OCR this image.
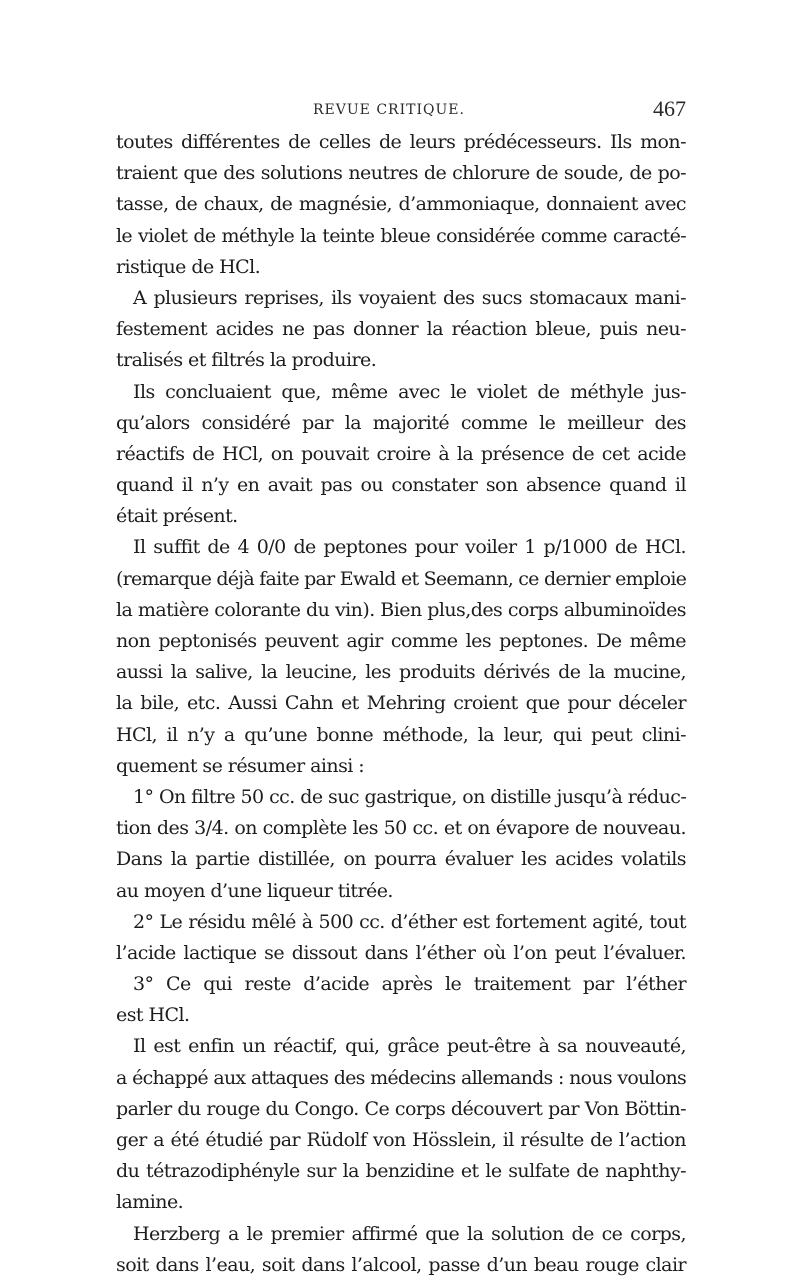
REVUE CRITIQUE.	467
toutes différentes de celles de leurs prédécesseurs. Ils mon-
traient que des solutions neutres de chlorure de soude, de po-
tasse, de chaux, de magnésie, d’ammoniaque, donnaient avec
le violet de méthyle la teinte bleue considérée comme caracté-
ristique de HCl.
A plusieurs reprises, ils voyaient des sucs stomacaux mani-
festement acides ne pas donner la réaction bleue, puis neu-
tralisés et filtrés la produire.
Ils concluaient que, même avec le violet de méthyle jus-
qu’alors considéré par la majorité comme le meilleur des
réactifs de HCl, on pouvait croire à la présence de cet acide
quand il n’y en avait pas ou constater son absence quand il
était présent.
Il suffit de 4 0/0 de peptones pour voiler 1 p/1000 de HCl.
(remarque déjà faite par Ewald et Seemann, ce dernier emploie
la matière colorante du vin). Bien plus,des corps albuminoïdes
non peptonisés peuvent agir comme les peptones. De même
aussi la salive, la leucine, les produits dérivés de la mucine,
la bile, etc. Aussi Cahn et Mehring croient que pour déceler
HCl, il n’y a qu’une bonne méthode, la leur, qui peut clini-
quement se résumer ainsi :
1° On filtre 50 cc. de suc gastrique, on distille jusqu’à réduc-
tion des 3/4. on complète les 50 cc. et on évapore de nouveau.
Dans la partie distillée, on pourra évaluer les acides volatils
au moyen d’une liqueur titrée.
2° Le résidu mêlé à 500 cc. d’éther est fortement agité, tout
l’acide lactique se dissout dans l’éther où l’on peut l’évaluer.
3° Ce qui reste d’acide après le traitement par l’éther
est HCl.
Il est enfin un réactif, qui, grâce peut-être à sa nouveauté,
a échappé aux attaques des médecins allemands : nous voulons
parler du rouge du Congo. Ce corps découvert par Von Böttin-
ger a été étudié par Rüdolf von Hösslein, il résulte de l’action
du tétrazodiphényle sur la benzidine et le sulfate de naphthy-
lamine.
Herzberg a le premier affirmé que la solution de ce corps,
soit dans l’eau, soit dans l’alcool, passe d’un beau rouge clair
